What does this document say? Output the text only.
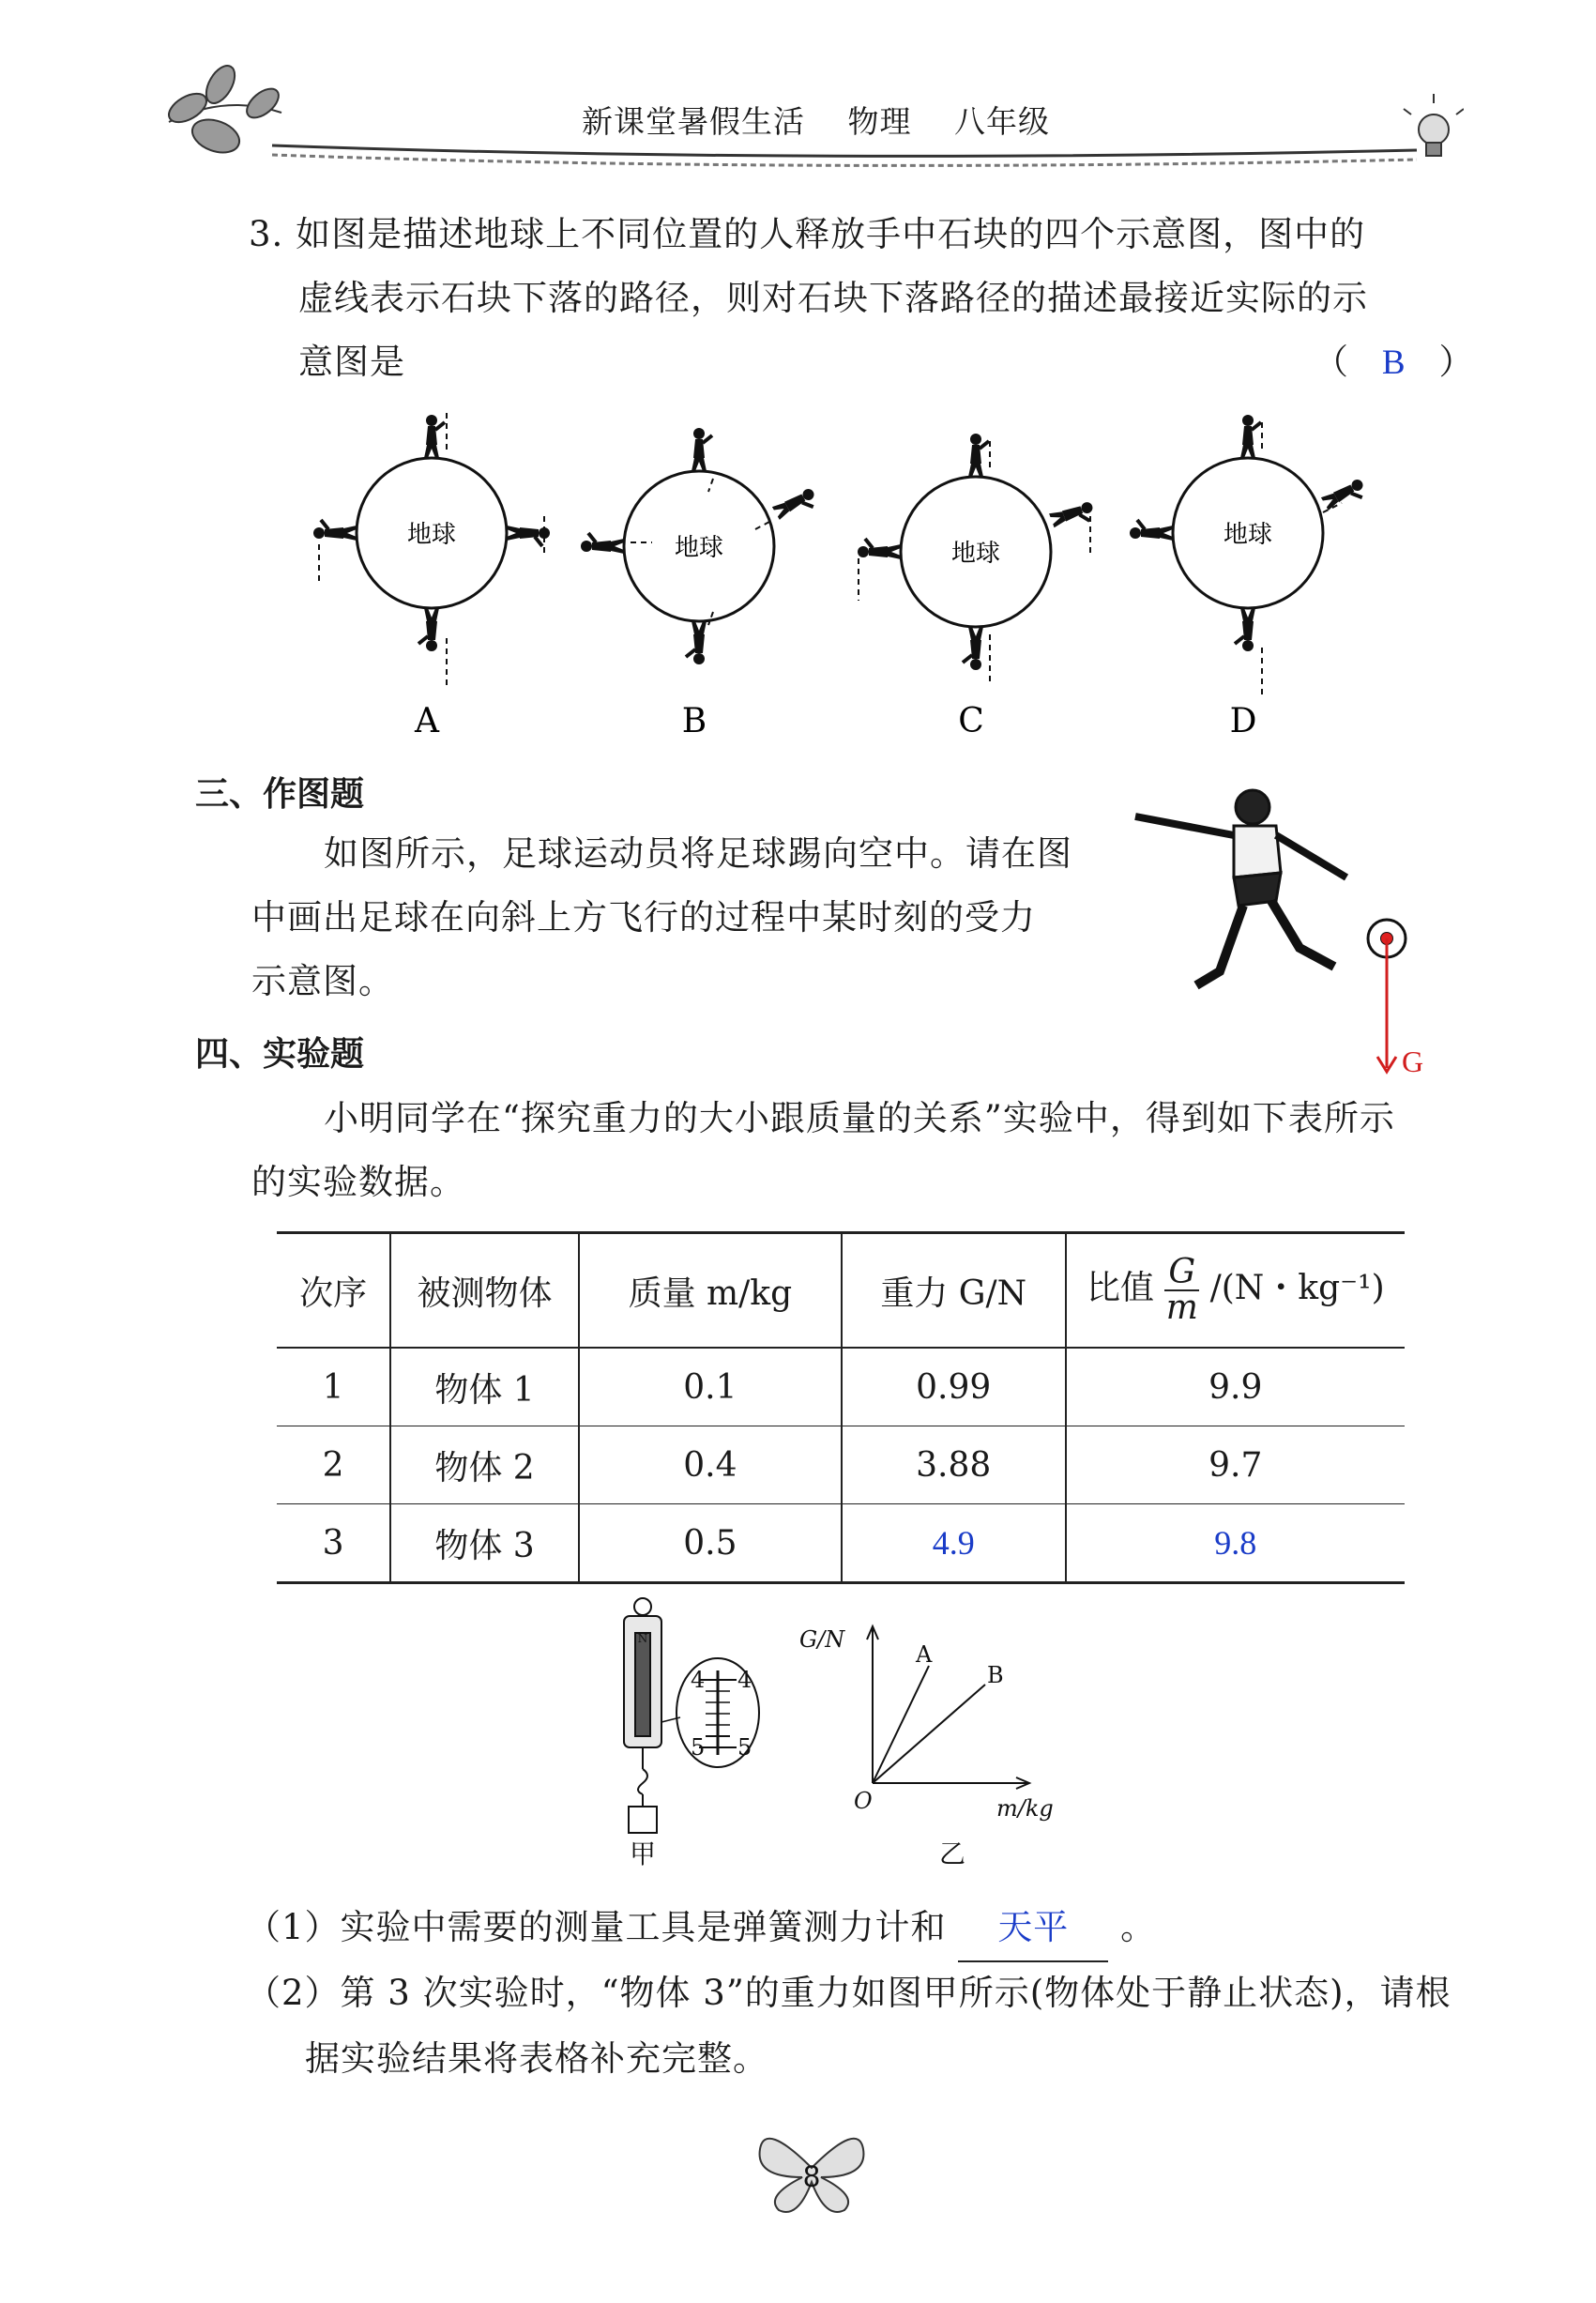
新课堂暑假生活 物理 八年级
3. 如图是描述地球上不同位置的人释放手中石块的四个示意图，图中的
虚线表示石块下落的路径，则对石块下落路径的描述最接近实际的示
意图是	（ B ）
地球
A
地球
B
地球
C
地球
D
三、作图题
如图所示，足球运动员将足球踢向空中。请在图
中画出足球在向斜上方飞行的过程中某时刻的受力
示意图。
G
四、实验题
小明同学在“探究重力的大小跟质量的关系”实验中，得到如下表所示
的实验数据。
次序	被测物体	质量 m/kg	重力 G/N	比值 $\frac{G}{m} /(N$・kg⁻¹)
1	物体 1	0.1	0.99	9.9
2	物体 2	0.4	3.88	9.7
3	物体 3	0.5	4.9	9.8
N
4 4
5 5
甲
G/N
O	m/kg
A
B
乙
（1）实验中需要的测量工具是弹簧测力计和 天平 。
（2）第 3 次实验时，“物体 3”的重力如图甲所示(物体处于静止状态)，请根
据实验结果将表格补充完整。
8
